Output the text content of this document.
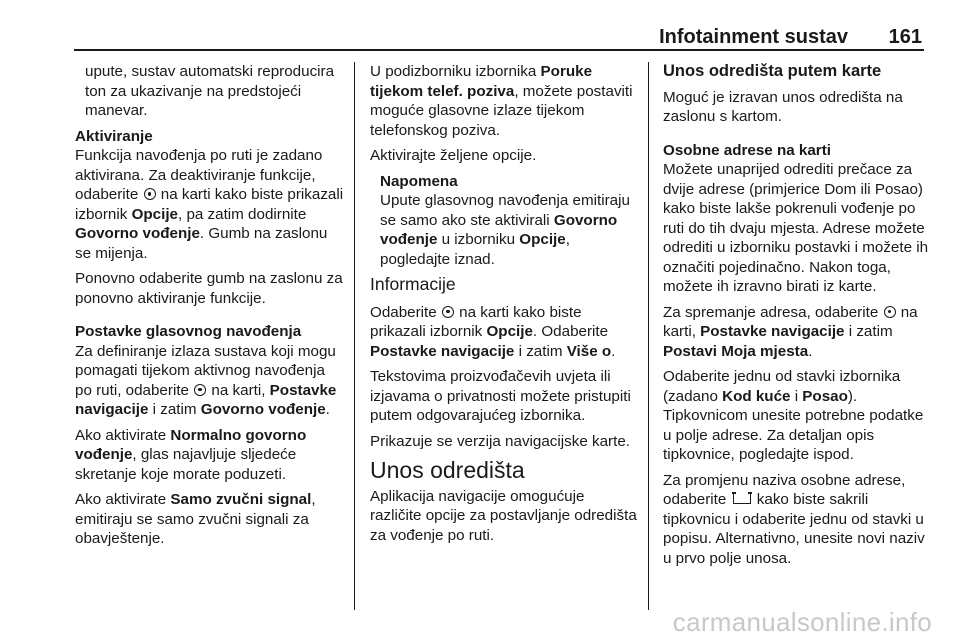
Infotainment sustav 161

upute, sustav automatski reproducira ton za ukazivanje na predstojeći manevar.

Aktiviranje

Funkcija navođenja po ruti je zadano aktivirana. Za deaktiviranje funkcije, odaberite  na karti kako biste prikazali izbornik Opcije, pa zatim dodirnite Govorno vođenje. Gumb na zaslonu se mijenja.

Ponovno odaberite gumb na zaslonu za ponovno aktiviranje funkcije.

Postavke glasovnog navođenja

Za definiranje izlaza sustava koji mogu pomagati tijekom aktivnog navođenja po ruti, odaberite  na karti, Postavke navigacije i zatim Govorno vođenje.

Ako aktivirate Normalno govorno vođenje, glas najavljuje sljedeće skretanje koje morate poduzeti.

Ako aktivirate Samo zvučni signal, emitiraju se samo zvučni signali za obavještenje.

U podizborniku izbornika Poruke tijekom telef. poziva, možete postaviti moguće glasovne izlaze tijekom telefonskog poziva.

Aktivirajte željene opcije.

Napomena

Upute glasovnog navođenja emitiraju se samo ako ste aktivirali Govorno vođenje u izborniku Opcije, pogledajte iznad.

Informacije

Odaberite  na karti kako biste prikazali izbornik Opcije. Odaberite Postavke navigacije i zatim Više o.

Tekstovima proizvođačevih uvjeta ili izjavama o privatnosti možete pristupiti putem odgovarajućeg izbornika.

Prikazuje se verzija navigacijske karte.

Unos odredišta

Aplikacija navigacije omogućuje različite opcije za postavljanje odredišta za vođenje po ruti.

Unos odredišta putem karte

Moguć je izravan unos odredišta na zaslonu s kartom.

Osobne adrese na karti

Možete unaprijed odrediti prečace za dvije adrese (primjerice Dom ili Posao) kako biste lakše pokrenuli vođenje po ruti do tih dvaju mjesta. Adrese možete odrediti u izborniku postavki i možete ih označiti pojedinačno. Nakon toga, možete ih izravno birati iz karte.

Za spremanje adresa, odaberite  na karti, Postavke navigacije i zatim Postavi Moja mjesta.

Odaberite jednu od stavki izbornika (zadano Kod kuće i Posao). Tipkovnicom unesite potrebne podatke u polje adrese. Za detaljan opis tipkovnice, pogledajte ispod.

Za promjenu naziva osobne adrese, odaberite  kako biste sakrili tipkovnicu i odaberite jednu od stavki u popisu. Alternativno, unesite novi naziv u prvo polje unosa.

carmanualsonline.info
